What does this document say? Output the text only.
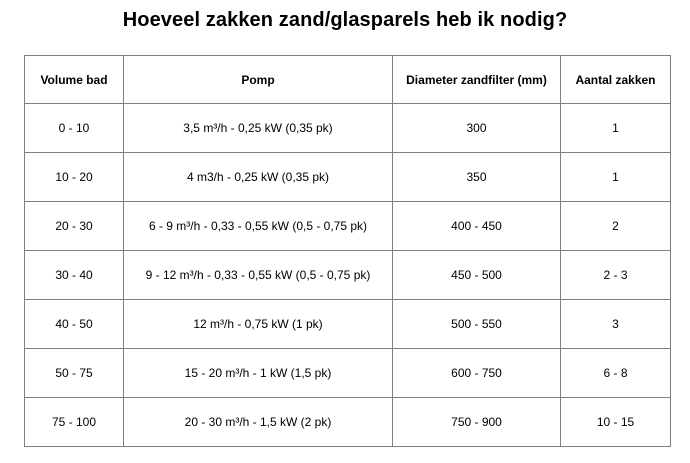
Hoeveel zakken zand/glasparels heb ik nodig?
Volume bad	Pomp	Diameter zandfilter (mm)	Aantal zakken
0 - 10	3,5 m³/h - 0,25 kW (0,35 pk)	300	1
10 - 20	4 m3/h - 0,25 kW (0,35 pk)	350	1
20 - 30	6 - 9 m³/h - 0,33 - 0,55 kW (0,5 - 0,75 pk)	400 - 450	2
30 - 40	9 - 12 m³/h - 0,33 - 0,55 kW (0,5 - 0,75 pk)	450 - 500	2 - 3
40 - 50	12 m³/h - 0,75 kW (1 pk)	500 - 550	3
50 - 75	15 - 20 m³/h - 1 kW (1,5 pk)	600 - 750	6 - 8
75 - 100	20 - 30 m³/h - 1,5 kW (2 pk)	750 - 900	10 - 15
